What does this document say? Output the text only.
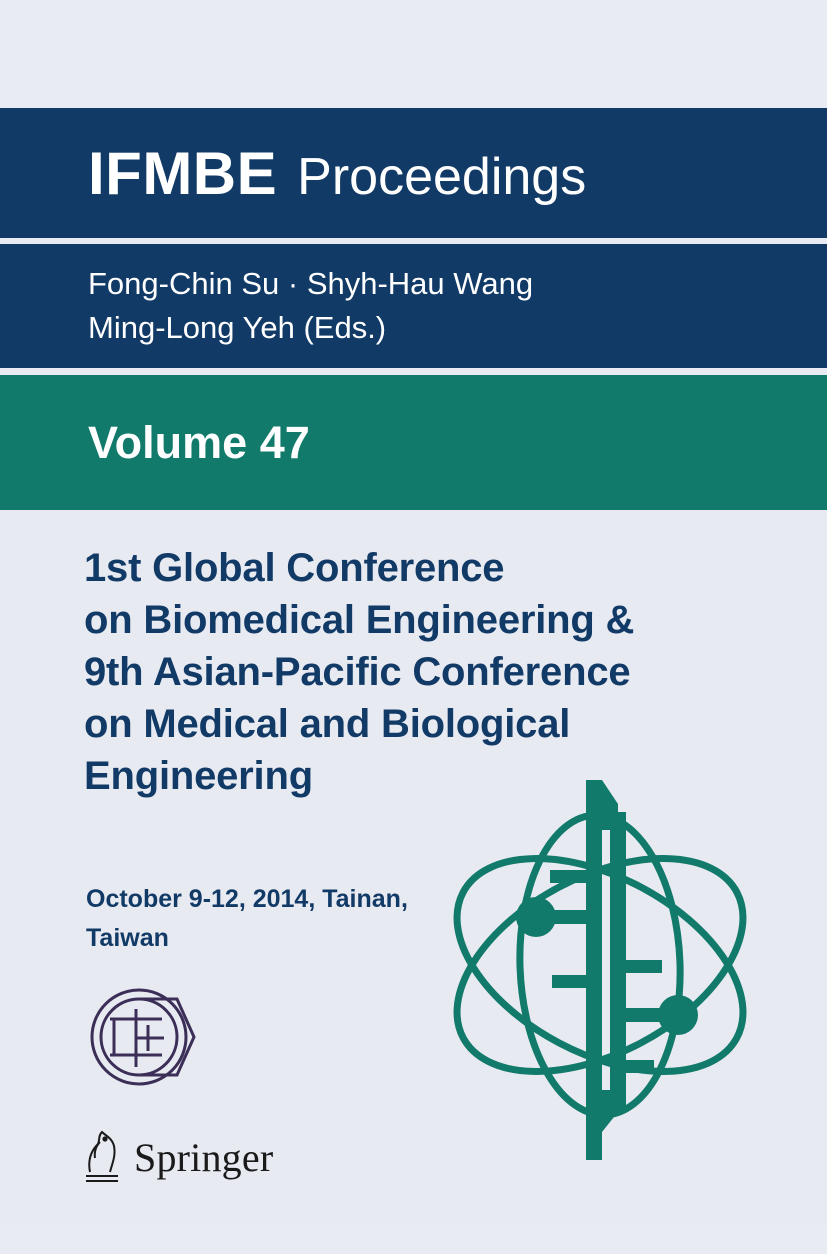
IFMBE Proceedings
Fong-Chin Su · Shyh-Hau Wang
Ming-Long Yeh (Eds.)
Volume 47
1st Global Conference
on Biomedical Engineering &
9th Asian-Pacific Conference
on Medical and Biological
Engineering
October 9-12, 2014, Tainan,
Taiwan
Springer
